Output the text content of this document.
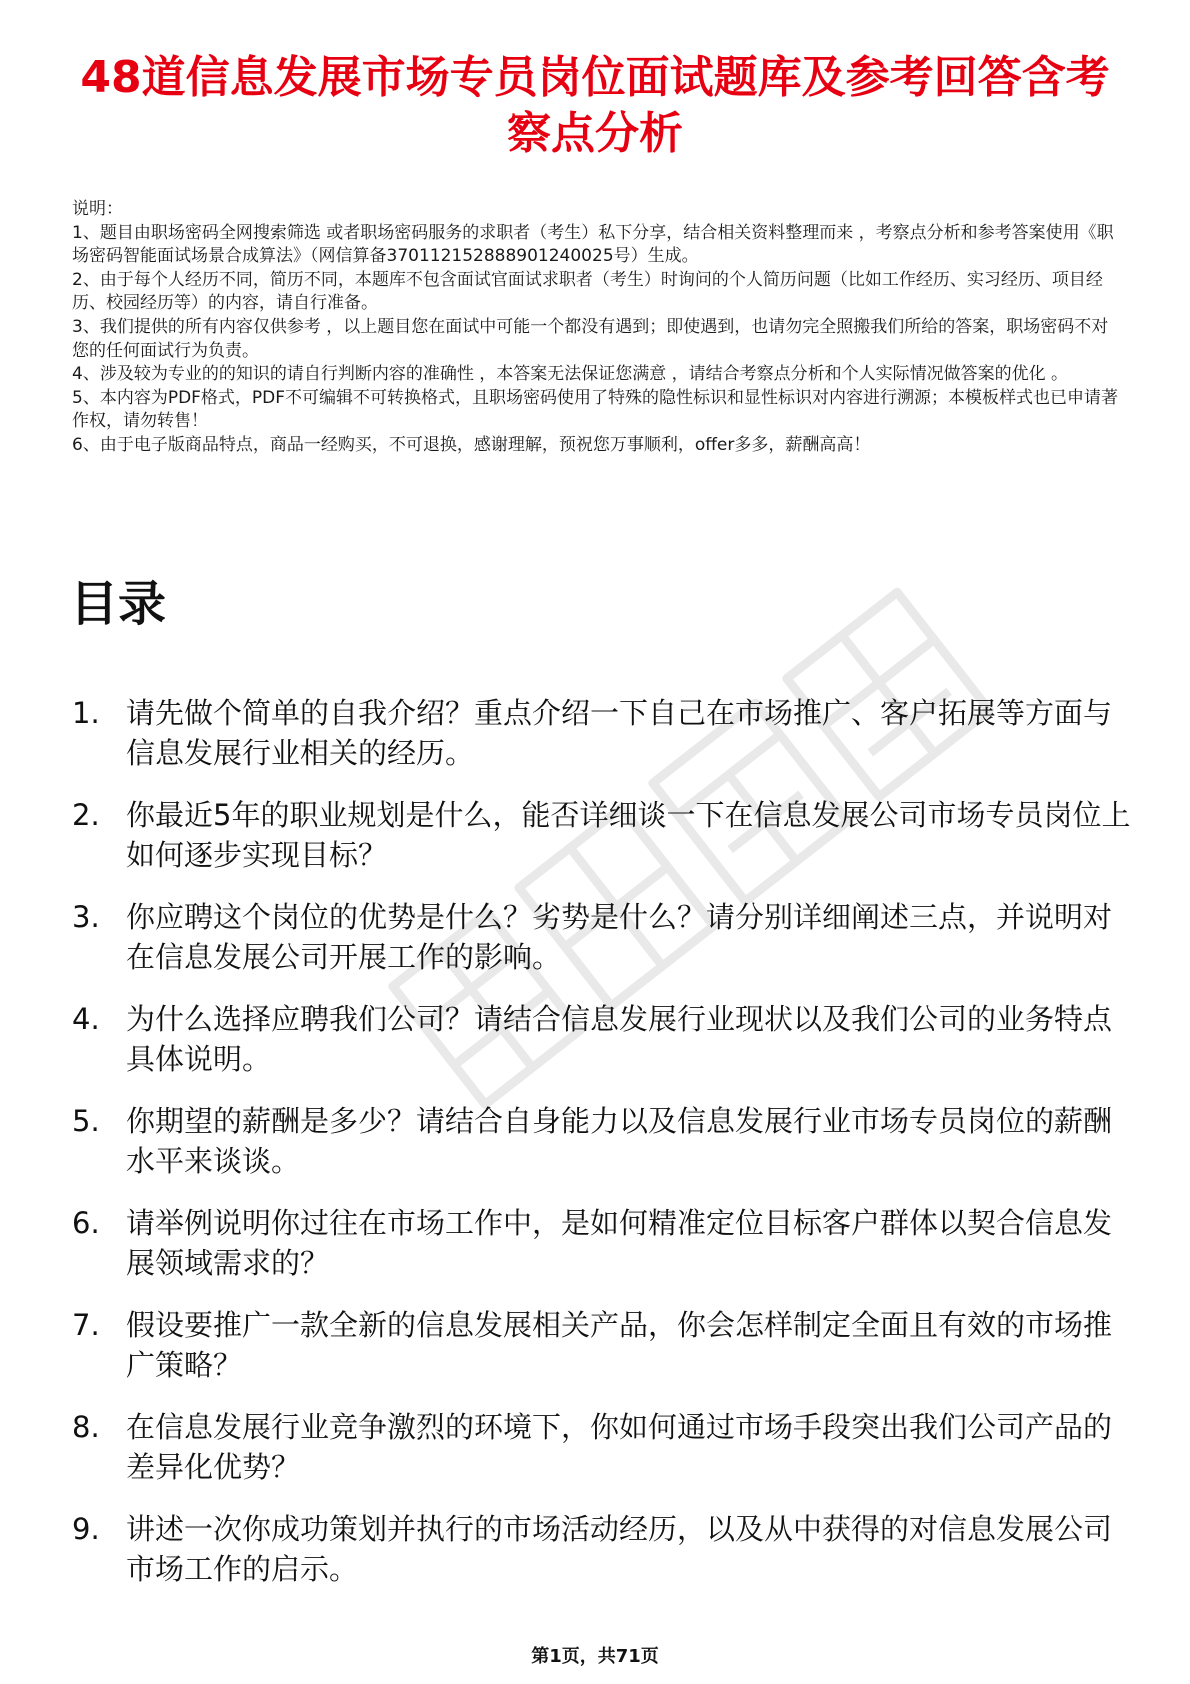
48道信息发展市场专员岗位面试题库及参考回答含考察点分析

说明：

1、题目由职场密码全网搜索筛选 或者职场密码服务的求职者（考生）私下分享，结合相关资料整理而来 ，考察点分析和参考答案使用《职场密码智能面试场景合成算法》（网信算备370112152888901240025号）生成。

2、由于每个人经历不同，简历不同，本题库不包含面试官面试求职者（考生）时询问的个人简历问题（比如工作经历、实习经历、项目经历、校园经历等）的内容，请自行准备。

3、我们提供的所有内容仅供参考 ，以上题目您在面试中可能一个都没有遇到；即使遇到，也请勿完全照搬我们所给的答案，职场密码不对您的任何面试行为负责。

4、涉及较为专业的的知识的请自行判断内容的准确性 ，本答案无法保证您满意 ，请结合考察点分析和个人实际情况做答案的优化 。

5、本内容为PDF格式，PDF不可编辑不可转换格式，且职场密码使用了特殊的隐性标识和显性标识对内容进行溯源；本模板样式也已申请著作权，请勿转售！

6、由于电子版商品特点，商品一经购买，不可退换，感谢理解，预祝您万事顺利，offer多多，薪酬高高！

目录
1. 请先做个简单的自我介绍？重点介绍一下自己在市场推广、客户拓展等方面与信息发展行业相关的经历。
2. 你最近5年的职业规划是什么，能否详细谈一下在信息发展公司市场专员岗位上如何逐步实现目标？
3. 你应聘这个岗位的优势是什么？劣势是什么？请分别详细阐述三点，并说明对在信息发展公司开展工作的影响。
4. 为什么选择应聘我们公司？请结合信息发展行业现状以及我们公司的业务特点具体说明。
5. 你期望的薪酬是多少？请结合自身能力以及信息发展行业市场专员岗位的薪酬水平来谈谈。
6. 请举例说明你过往在市场工作中，是如何精准定位目标客户群体以契合信息发展领域需求的？
7. 假设要推广一款全新的信息发展相关产品，你会怎样制定全面且有效的市场推广策略？
8. 在信息发展行业竞争激烈的环境下，你如何通过市场手段突出我们公司产品的差异化优势？
9. 讲述一次你成功策划并执行的市场活动经历，以及从中获得的对信息发展公司市场工作的启示。
第1页，共71页
